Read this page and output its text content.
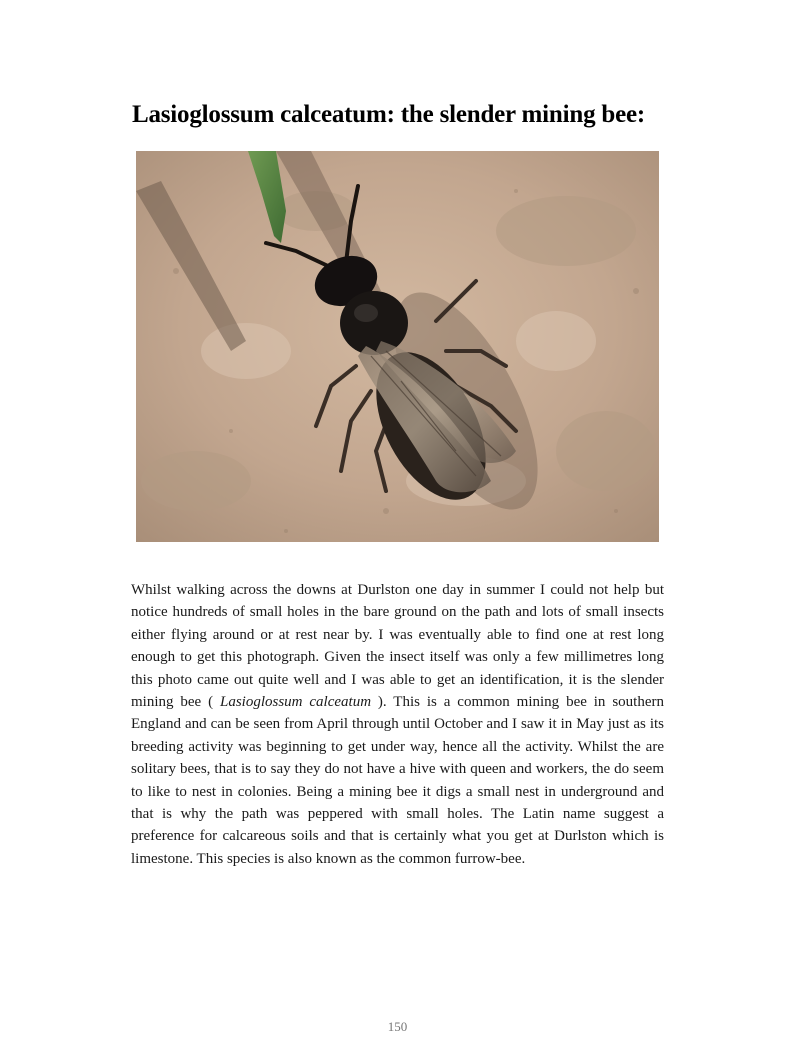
Lasioglossum calceatum: the slender mining bee:

Whilst walking across the downs at Durlston one day in summer I could not help but notice hundreds of small holes in the bare ground on the path and lots of small insects either flying around or at rest near by. I was eventually able to find one at rest long enough to get this photograph. Given the insect itself was only a few millimetres long this photo came out quite well and I was able to get an identification, it is the slender mining bee ( Lasioglossum calceatum ). This is a common mining bee in southern England and can be seen from April through until October and I saw it in May just as its breeding activity was beginning to get under way, hence all the activity. Whilst the are solitary bees, that is to say they do not have a hive with queen and workers, the do seem to like to nest in colonies. Being a mining bee it digs a small nest in underground and that is why the path was peppered with small holes. The Latin name suggest a preference for calcareous soils and that is certainly what you get at Durlston which is limestone. This species is also known as the common furrow-bee.

150
